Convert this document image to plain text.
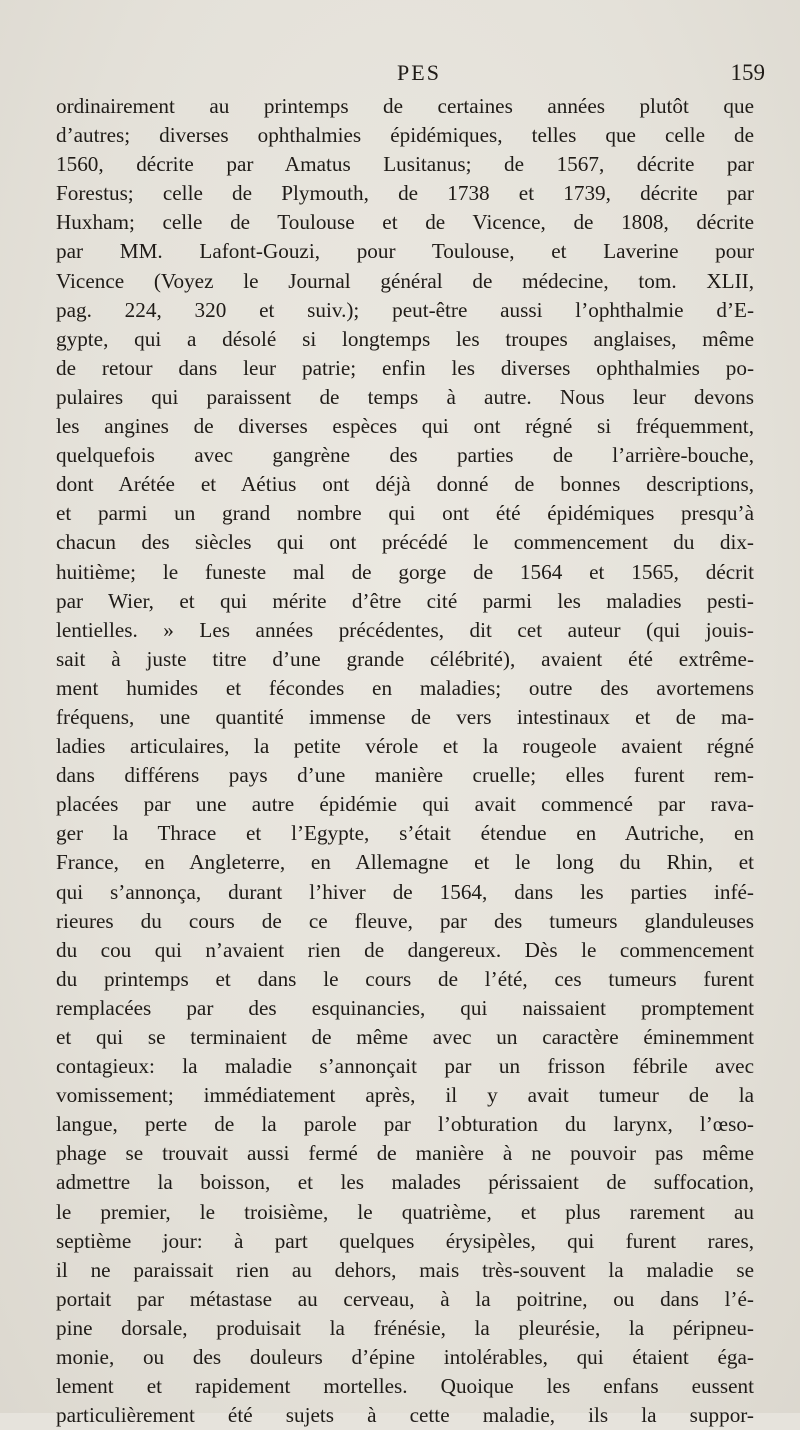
PES	159
ordinairement au printemps de certaines années plutôt que
d’autres; diverses ophthalmies épidémiques, telles que celle de
1560, décrite par Amatus Lusitanus; de 1567, décrite par
Forestus; celle de Plymouth, de 1738 et 1739, décrite par
Huxham; celle de Toulouse et de Vicence, de 1808, décrite
par MM. Lafont-Gouzi, pour Toulouse, et Laverine pour
Vicence (Voyez le Journal général de médecine, tom. XLII,
pag. 224, 320 et suiv.); peut-être aussi l’ophthalmie d’E-
gypte, qui a désolé si longtemps les troupes anglaises, même
de retour dans leur patrie; enfin les diverses ophthalmies po-
pulaires qui paraissent de temps à autre. Nous leur devons
les angines de diverses espèces qui ont régné si fréquemment,
quelquefois avec gangrène des parties de l’arrière-bouche,
dont Arétée et Aétius ont déjà donné de bonnes descriptions,
et parmi un grand nombre qui ont été épidémiques presqu’à
chacun des siècles qui ont précédé le commencement du dix-
huitième; le funeste mal de gorge de 1564 et 1565, décrit
par Wier, et qui mérite d’être cité parmi les maladies pesti-
lentielles. » Les années précédentes, dit cet auteur (qui jouis-
sait à juste titre d’une grande célébrité), avaient été extrême-
ment humides et fécondes en maladies; outre des avortemens
fréquens, une quantité immense de vers intestinaux et de ma-
ladies articulaires, la petite vérole et la rougeole avaient régné
dans différens pays d’une manière cruelle; elles furent rem-
placées par une autre épidémie qui avait commencé par rava-
ger la Thrace et l’Egypte, s’était étendue en Autriche, en
France, en Angleterre, en Allemagne et le long du Rhin, et
qui s’annonça, durant l’hiver de 1564, dans les parties infé-
rieures du cours de ce fleuve, par des tumeurs glanduleuses
du cou qui n’avaient rien de dangereux. Dès le commencement
du printemps et dans le cours de l’été, ces tumeurs furent
remplacées par des esquinancies, qui naissaient promptement
et qui se terminaient de même avec un caractère éminemment
contagieux: la maladie s’annonçait par un frisson fébrile avec
vomissement; immédiatement après, il y avait tumeur de la
langue, perte de la parole par l’obturation du larynx, l’œso-
phage se trouvait aussi fermé de manière à ne pouvoir pas même
admettre la boisson, et les malades périssaient de suffocation,
le premier, le troisième, le quatrième, et plus rarement au
septième jour: à part quelques érysipèles, qui furent rares,
il ne paraissait rien au dehors, mais très-souvent la maladie se
portait par métastase au cerveau, à la poitrine, ou dans l’é-
pine dorsale, produisait la frénésie, la pleurésie, la péripneu-
monie, ou des douleurs d’épine intolérables, qui étaient éga-
lement et rapidement mortelles. Quoique les enfans eussent
particulièrement été sujets à cette maladie, ils la suppor-
